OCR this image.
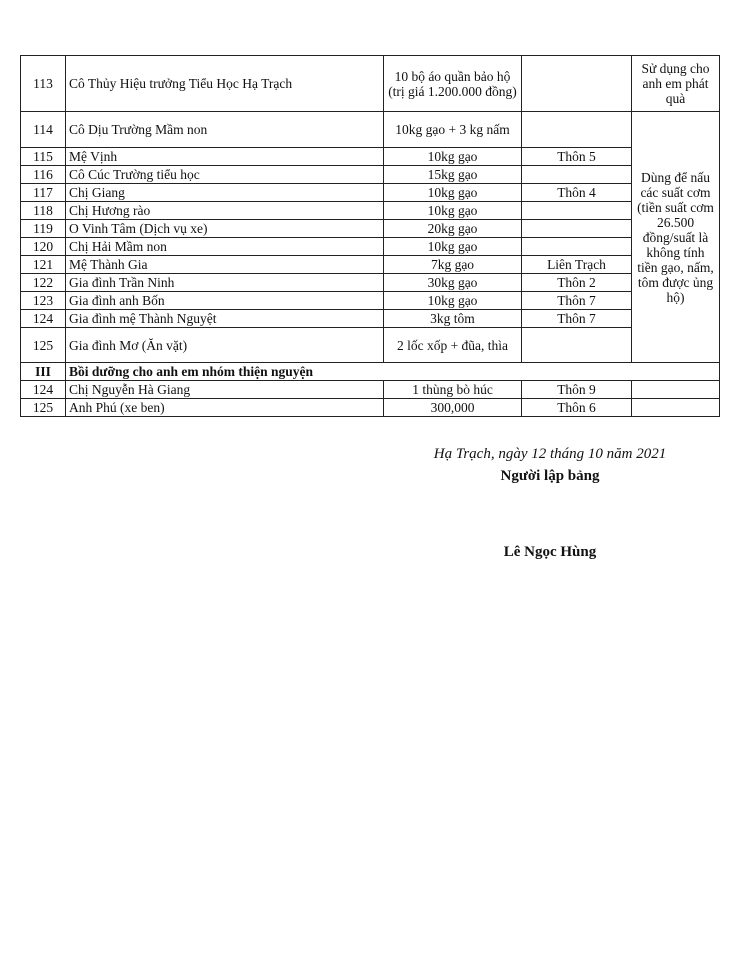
113	Cô Thủy Hiệu trưởng Tiểu Học Hạ Trạch	10 bộ áo quần bảo hộ (trị giá 1.200.000 đồng)		Sử dụng cho anh em phát quà
114	Cô Dịu Trường Mầm non	10kg gạo + 3 kg nấm		Dùng để nấu các suất cơm (tiền suất cơm 26.500 đồng/suất là không tính tiền gạo, nấm, tôm được ủng hộ)
115	Mệ Vịnh	10kg gạo	Thôn 5	
116	Cô Cúc Trường tiểu học	15kg gạo		
117	Chị Giang	10kg gạo	Thôn 4	
118	Chị Hương rào	10kg gạo		
119	O Vinh Tâm (Dịch vụ xe)	20kg gạo		
120	Chị Hải Mầm non	10kg gạo		
121	Mệ Thành Gia	7kg gạo	Liên Trạch	
122	Gia đình Trần Ninh	30kg gạo	Thôn 2	
123	Gia đình anh Bốn	10kg gạo	Thôn 7	
124	Gia đình mệ Thành Nguyệt	3kg tôm	Thôn 7	
125	Gia đình Mơ (Ăn vặt)	2 lốc xốp + đũa, thìa		
III	Bồi dưỡng cho anh em nhóm thiện nguyện			
124	Chị Nguyễn Hà Giang	1 thùng bò húc	Thôn 9	
125	Anh Phú (xe ben)	300,000	Thôn 6	
Hạ Trạch, ngày 12 tháng 10 năm 2021
Người lập bảng
Lê Ngọc Hùng
